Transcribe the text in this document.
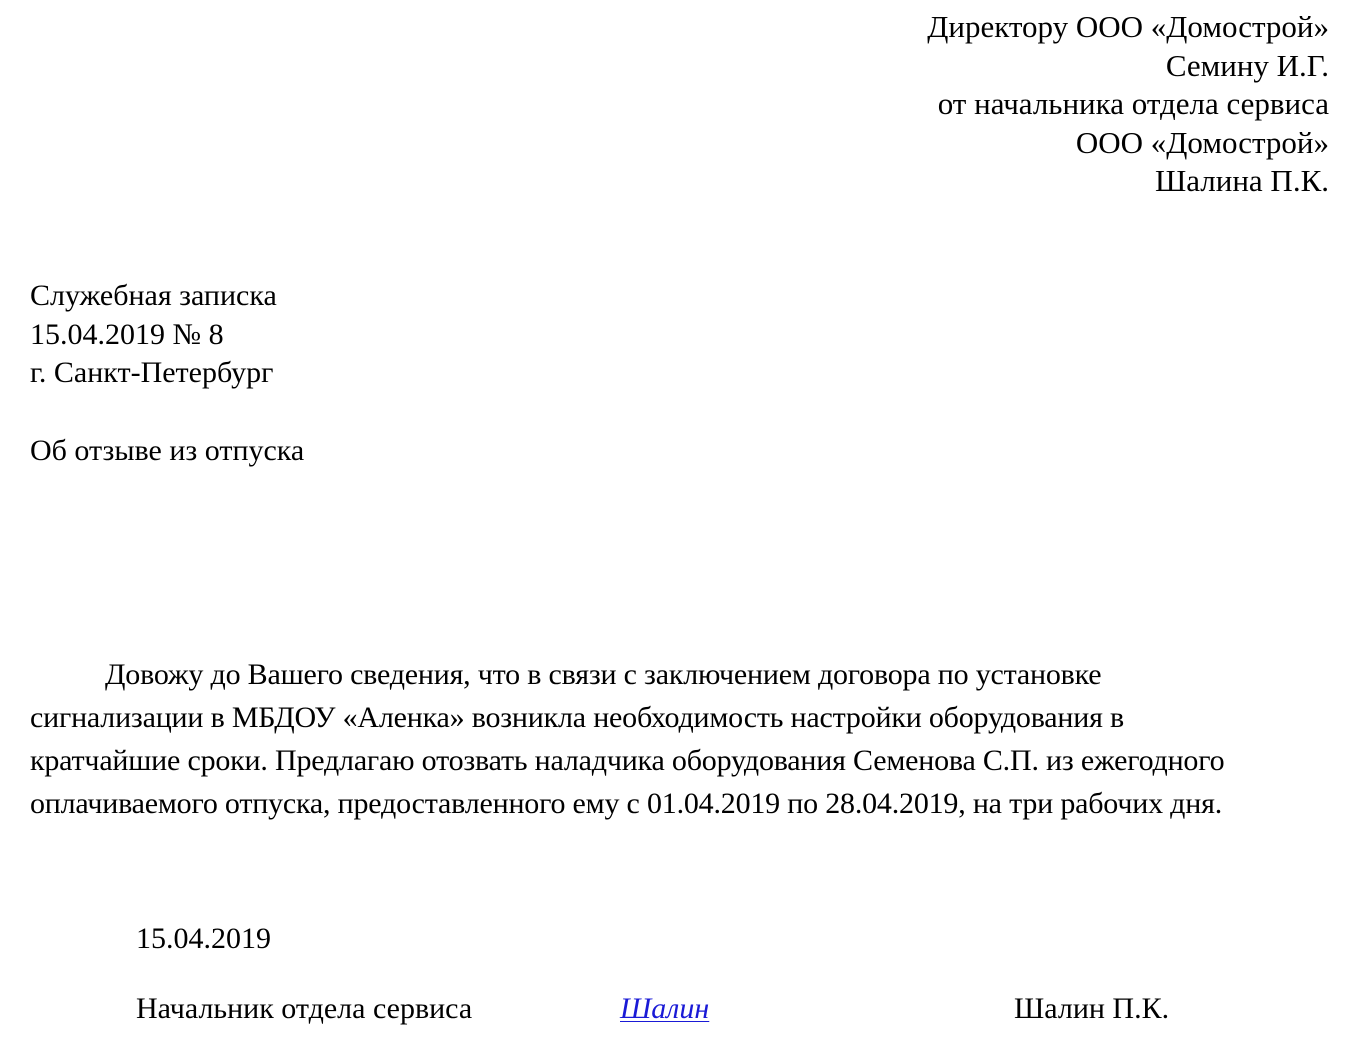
Директору ООО «Домострой»
Семину И.Г.
от начальника отдела сервиса
ООО «Домострой»
Шалина П.К.
Служебная записка
15.04.2019 № 8
г. Санкт-Петербург
Об отзыве из отпуска
Довожу до Вашего сведения, что в связи с заключением договора по установке
сигнализации в МБДОУ «Аленка» возникла необходимость настройки оборудования в
кратчайшие сроки. Предлагаю отозвать наладчика оборудования Семенова С.П. из ежегодного
оплачиваемого отпуска, предоставленного ему с 01.04.2019 по 28.04.2019, на три рабочих дня.
15.04.2019
Начальник отдела сервиса	Шалин	Шалин П.К.
